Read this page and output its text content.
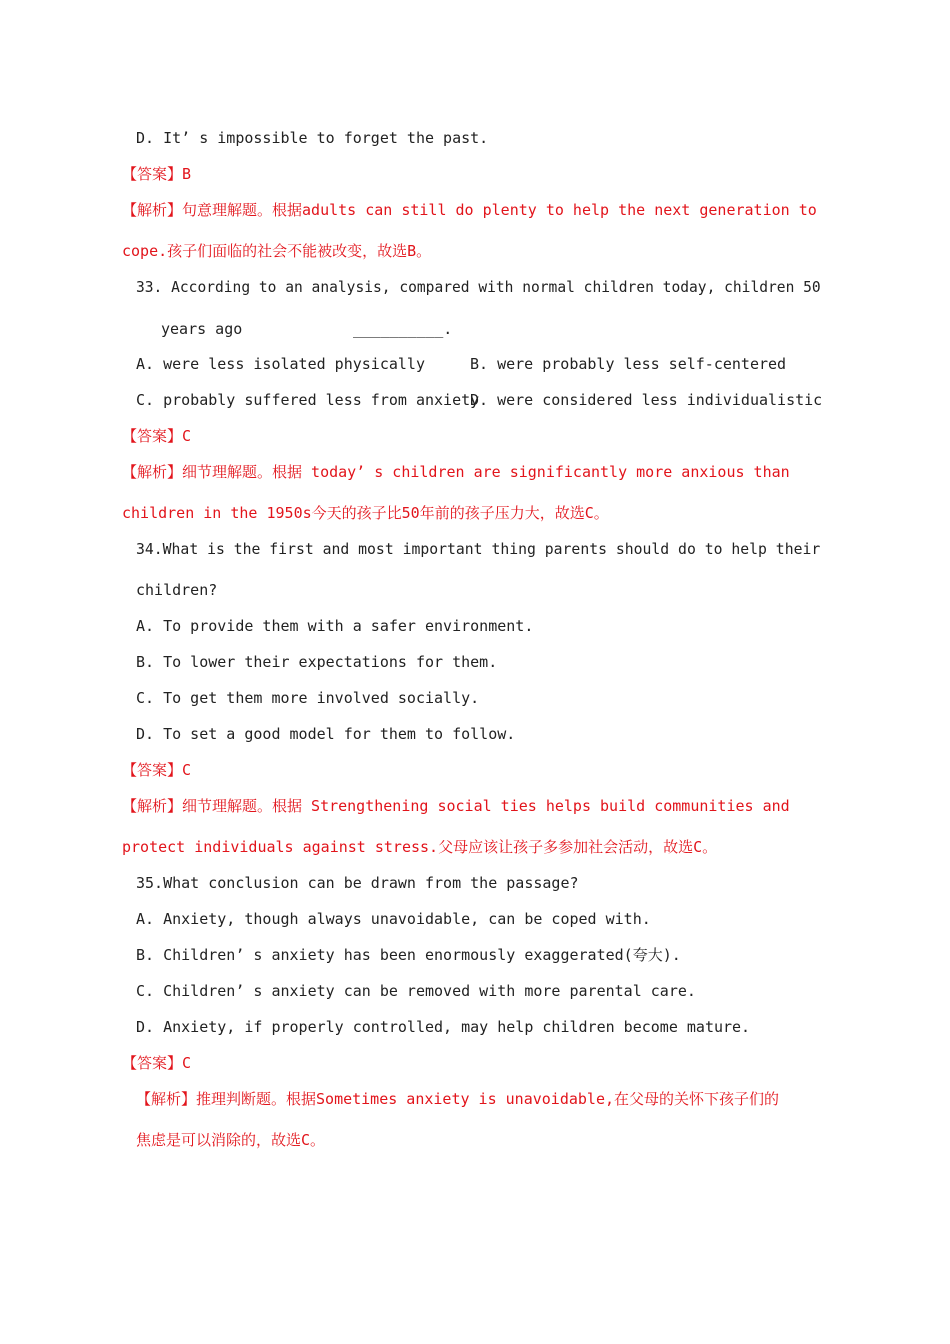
D. It’ s impossible to forget the past.
【答案】B
【解析】句意理解题。根据adults can still do plenty to help the next generation to
cope.孩子们面临的社会不能被改变，故选B。
33. According to an analysis, compared with normal children today, children 50
years ago	__________.
A. were less isolated physically	B. were probably less self-centered
C. probably suffered less from anxiety
D. were considered less individualistic
【答案】C
【解析】细节理解题。根据 today’ s children are significantly more anxious than
children in the 1950s今天的孩子比50年前的孩子压力大，故选C。
34.What is the first and most important thing parents should do to help their
children?
A. To provide them with a safer environment.
B. To lower their expectations for them.
C. To get them more involved socially.
D. To set a good model for them to follow.
【答案】C
【解析】细节理解题。根据 Strengthening social ties helps build communities and
protect individuals against stress.父母应该让孩子多参加社会活动，故选C。
35.What conclusion can be drawn from the passage?
A. Anxiety, though always unavoidable, can be coped with.
B. Children’ s anxiety has been enormously exaggerated(夸大).
C. Children’ s anxiety can be removed with more parental care.
D. Anxiety, if properly controlled, may help children become mature.
【答案】C
【解析】推理判断题。根据Sometimes anxiety is unavoidable,在父母的关怀下孩子们的
焦虑是可以消除的，故选C。
